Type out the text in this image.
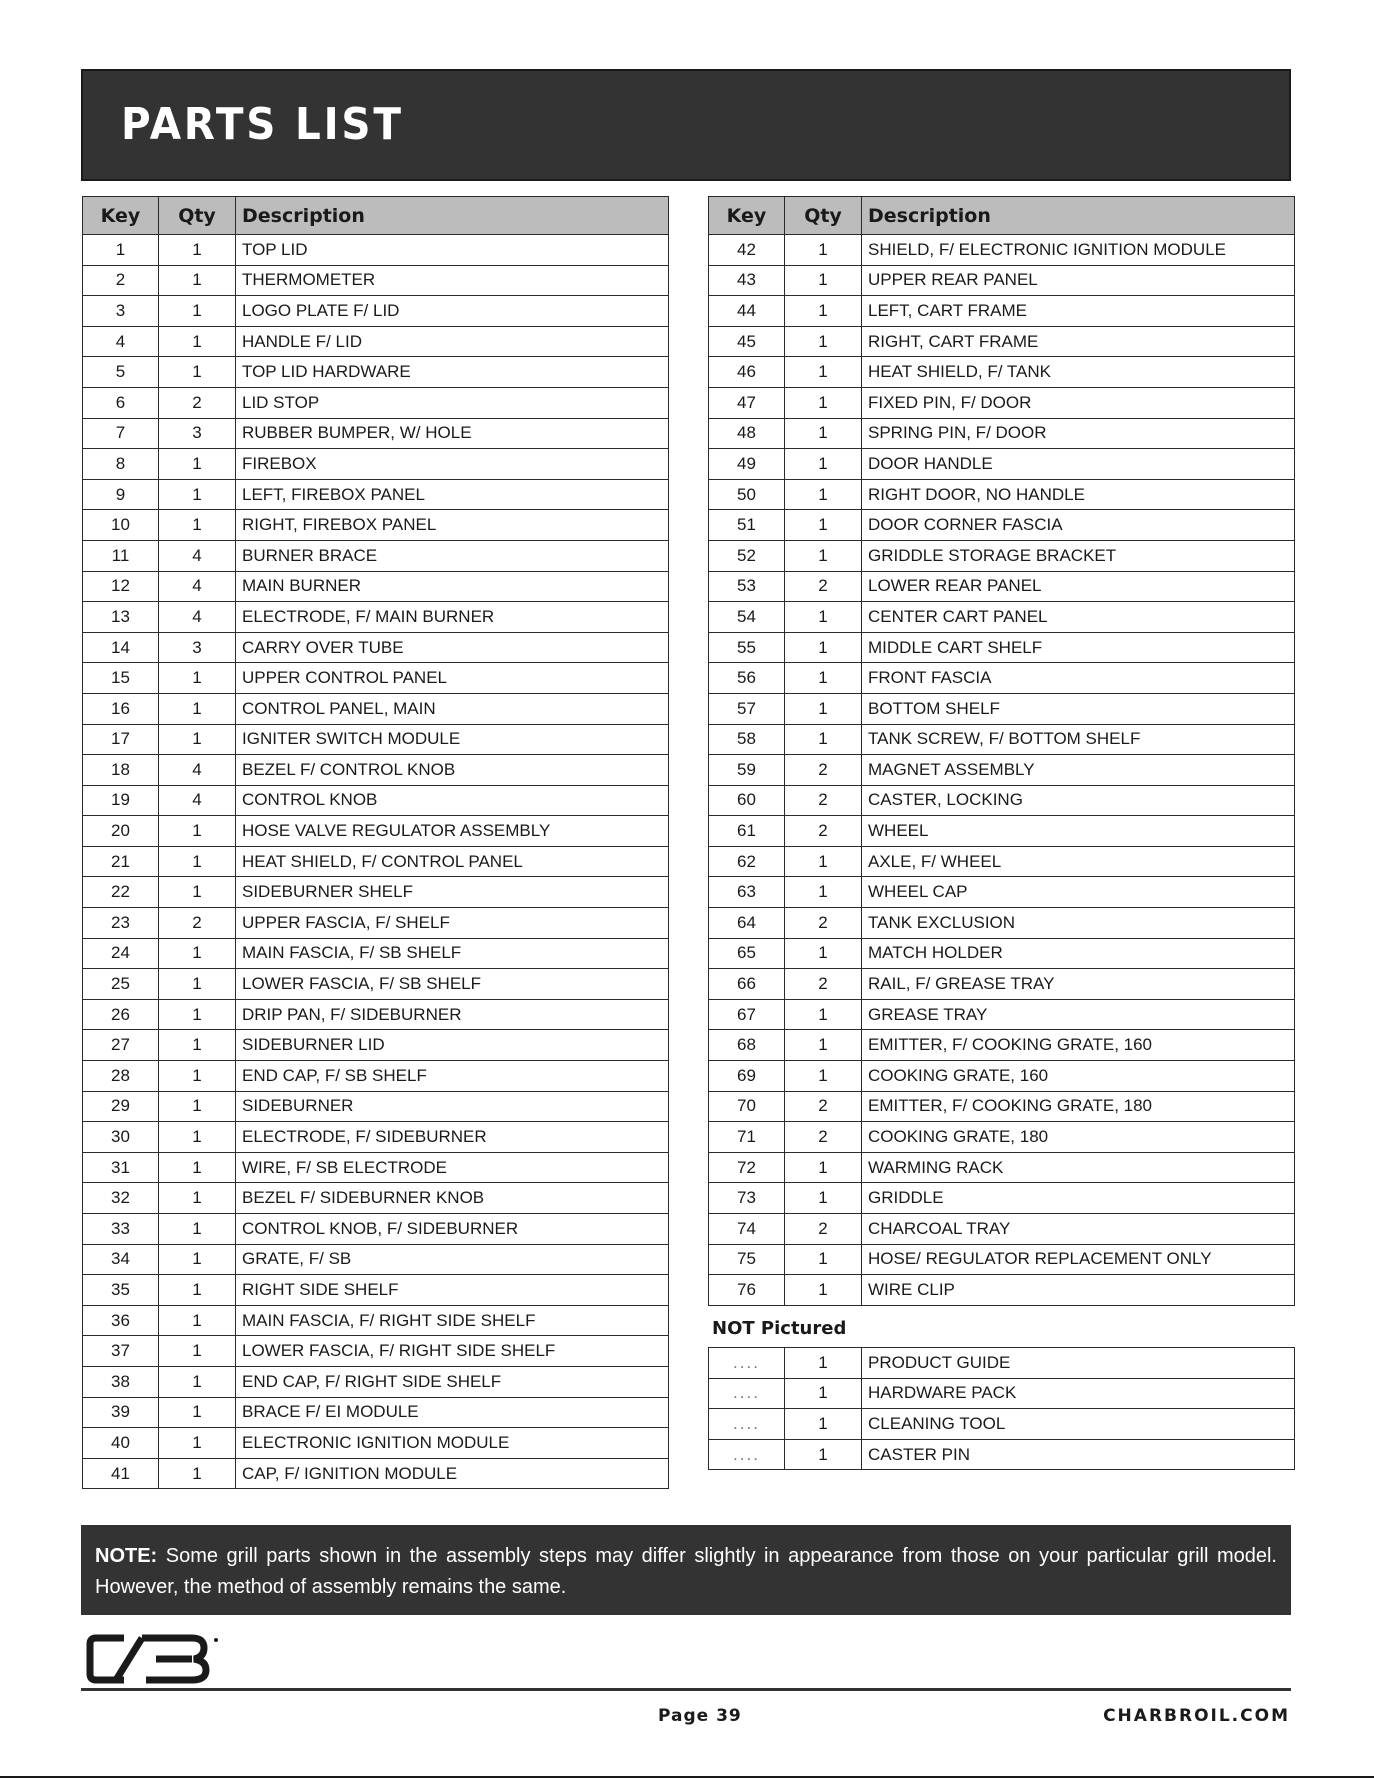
PARTS LIST
Key	Qty	Description
1	1	TOP LID
2	1	THERMOMETER
3	1	LOGO PLATE F/ LID
4	1	HANDLE F/ LID
5	1	TOP LID HARDWARE
6	2	LID STOP
7	3	RUBBER BUMPER, W/ HOLE
8	1	FIREBOX
9	1	LEFT, FIREBOX PANEL
10	1	RIGHT, FIREBOX PANEL
11	4	BURNER BRACE
12	4	MAIN BURNER
13	4	ELECTRODE, F/ MAIN BURNER
14	3	CARRY OVER TUBE
15	1	UPPER CONTROL PANEL
16	1	CONTROL PANEL, MAIN
17	1	IGNITER SWITCH MODULE
18	4	BEZEL F/ CONTROL KNOB
19	4	CONTROL KNOB
20	1	HOSE VALVE REGULATOR ASSEMBLY
21	1	HEAT SHIELD, F/ CONTROL PANEL
22	1	SIDEBURNER SHELF
23	2	UPPER FASCIA, F/ SHELF
24	1	MAIN FASCIA, F/ SB SHELF
25	1	LOWER FASCIA, F/ SB SHELF
26	1	DRIP PAN, F/ SIDEBURNER
27	1	SIDEBURNER LID
28	1	END CAP, F/ SB SHELF
29	1	SIDEBURNER
30	1	ELECTRODE, F/ SIDEBURNER
31	1	WIRE, F/ SB ELECTRODE
32	1	BEZEL F/ SIDEBURNER KNOB
33	1	CONTROL KNOB, F/ SIDEBURNER
34	1	GRATE, F/ SB
35	1	RIGHT SIDE SHELF
36	1	MAIN FASCIA, F/ RIGHT SIDE SHELF
37	1	LOWER FASCIA, F/ RIGHT SIDE SHELF
38	1	END CAP, F/ RIGHT SIDE SHELF
39	1	BRACE F/ EI MODULE
40	1	ELECTRONIC IGNITION MODULE
41	1	CAP, F/ IGNITION MODULE
Key	Qty	Description
42	1	SHIELD, F/ ELECTRONIC IGNITION MODULE
43	1	UPPER REAR PANEL
44	1	LEFT, CART FRAME
45	1	RIGHT, CART FRAME
46	1	HEAT SHIELD, F/ TANK
47	1	FIXED PIN, F/ DOOR
48	1	SPRING PIN, F/ DOOR
49	1	DOOR HANDLE
50	1	RIGHT DOOR, NO HANDLE
51	1	DOOR CORNER FASCIA
52	1	GRIDDLE STORAGE BRACKET
53	2	LOWER REAR PANEL
54	1	CENTER CART PANEL
55	1	MIDDLE CART SHELF
56	1	FRONT FASCIA
57	1	BOTTOM SHELF
58	1	TANK SCREW, F/ BOTTOM SHELF
59	2	MAGNET ASSEMBLY
60	2	CASTER, LOCKING
61	2	WHEEL
62	1	AXLE, F/ WHEEL
63	1	WHEEL CAP
64	2	TANK EXCLUSION
65	1	MATCH HOLDER
66	2	RAIL, F/ GREASE TRAY
67	1	GREASE TRAY
68	1	EMITTER, F/ COOKING GRATE, 160
69	1	COOKING GRATE, 160
70	2	EMITTER, F/ COOKING GRATE, 180
71	2	COOKING GRATE, 180
72	1	WARMING RACK
73	1	GRIDDLE
74	2	CHARCOAL TRAY
75	1	HOSE/ REGULATOR REPLACEMENT ONLY
76	1	WIRE CLIP
NOT Pictured
....	1	PRODUCT GUIDE
....	1	HARDWARE PACK
....	1	CLEANING TOOL
....	1	CASTER PIN
NOTE: Some grill parts shown in the assembly steps may differ slightly in appearance from those on your particular grill model. However, the method of assembly remains the same.
Page 39	CHARBROIL.COM
